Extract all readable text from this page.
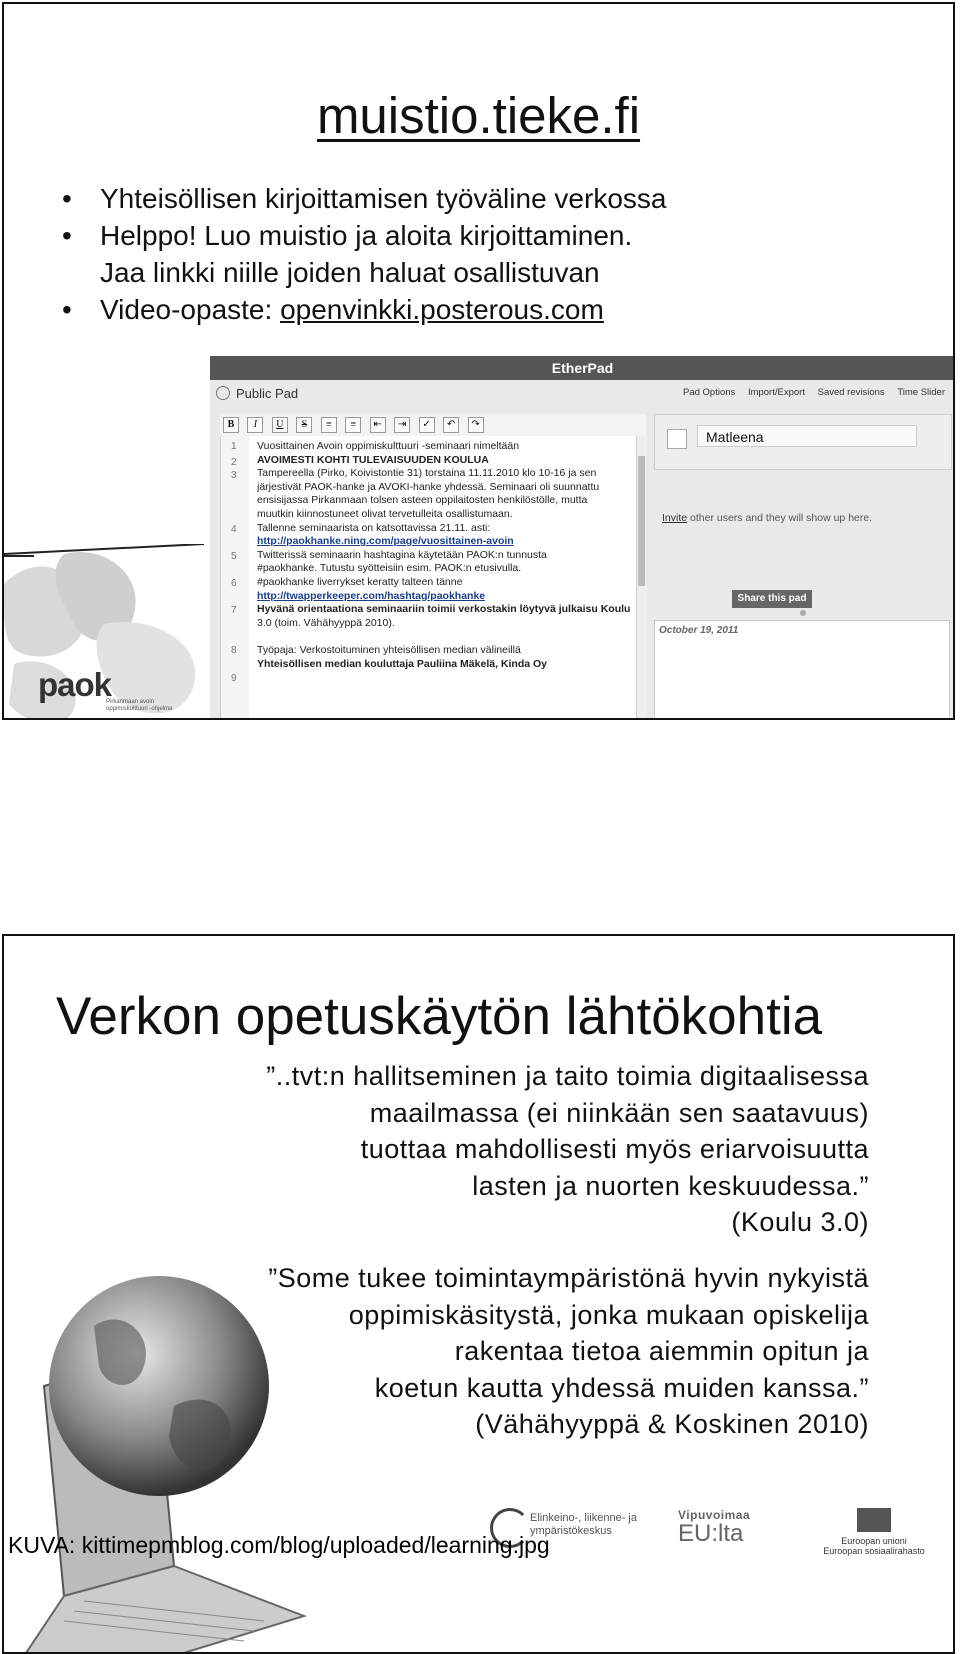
muistio.tieke.fi
• Yhteisöllisen kirjoittamisen työväline verkossa
• Helppo! Luo muistio ja aloita kirjoittaminen.
Jaa linkki niille joiden haluat osallistuvan
• Video-opaste: openvinkki.posterous.com
paok
Pirkanmaan avoin
oppimiskulttuuri -ohjelma
EtherPad
Public Pad	Pad Options Import/Export Saved revisions Time Slider
B I U S ≡ ≡ ⇤ ⇥ ✓ ↶ ↷
1
2
3
4
5
6
7
8
9
Vuosittainen Avoin oppimiskulttuuri -seminaari nimeltään
AVOIMESTI KOHTI TULEVAISUUDEN KOULUA
Tampereella (Pirko, Koivistontie 31) torstaina 11.11.2010 klo 10-16 ja sen
järjestivät PAOK-hanke ja AVOKI-hanke yhdessä. Seminaari oli suunnattu
ensisijassa Pirkanmaan tolsen asteen oppilaitosten henkilöstölle, mutta
muutkin kiinnostuneet olivat tervetulleita osallistumaan.
Tallenne seminaarista on katsottavissa 21.11. asti:
http://paokhanke.ning.com/page/vuosittainen-avoin
Twitterissä seminaarin hashtagina käytetään PAOK:n tunnusta
#paokhanke. Tutustu syötteisiin esim. PAOK:n etusivulla.
#paokhanke liverrykset keratty talteen tänne
http://twapperkeeper.com/hashtag/paokhanke
Hyvänä orientaationa seminaariin toimii verkostakin löytyvä julkaisu Koulu
3.0 (toim. Vähähyyppä 2010).

Työpaja: Verkostoituminen yhteisöllisen median välineillä
Yhteisöllisen median kouluttaja Pauliina Mäkelä, Kinda Oy
Matleena
Invite other users and they will show up here.
Share this pad
October 19, 2011
Verkon opetuskäytön lähtökohtia
”..tvt:n hallitseminen ja taito toimia digitaalisessa
maailmassa (ei niinkään sen saatavuus)
tuottaa mahdollisesti myös eriarvoisuutta
lasten ja nuorten keskuudessa.”
(Koulu 3.0)
”Some tukee toimintaympäristönä hyvin nykyistä
oppimiskäsitystä, jonka mukaan opiskelija
rakentaa tietoa aiemmin opitun ja
koetun kautta yhdessä muiden kanssa.”
(Vähähyyppä & Koskinen 2010)
Elinkeino-, liikenne- ja
ympäristökeskus
Vipuvoimaa
EU:lta	Euroopan unioni
Euroopan sosiaalirahasto
KUVA: kittimepmblog.com/blog/uploaded/learning.jpg
